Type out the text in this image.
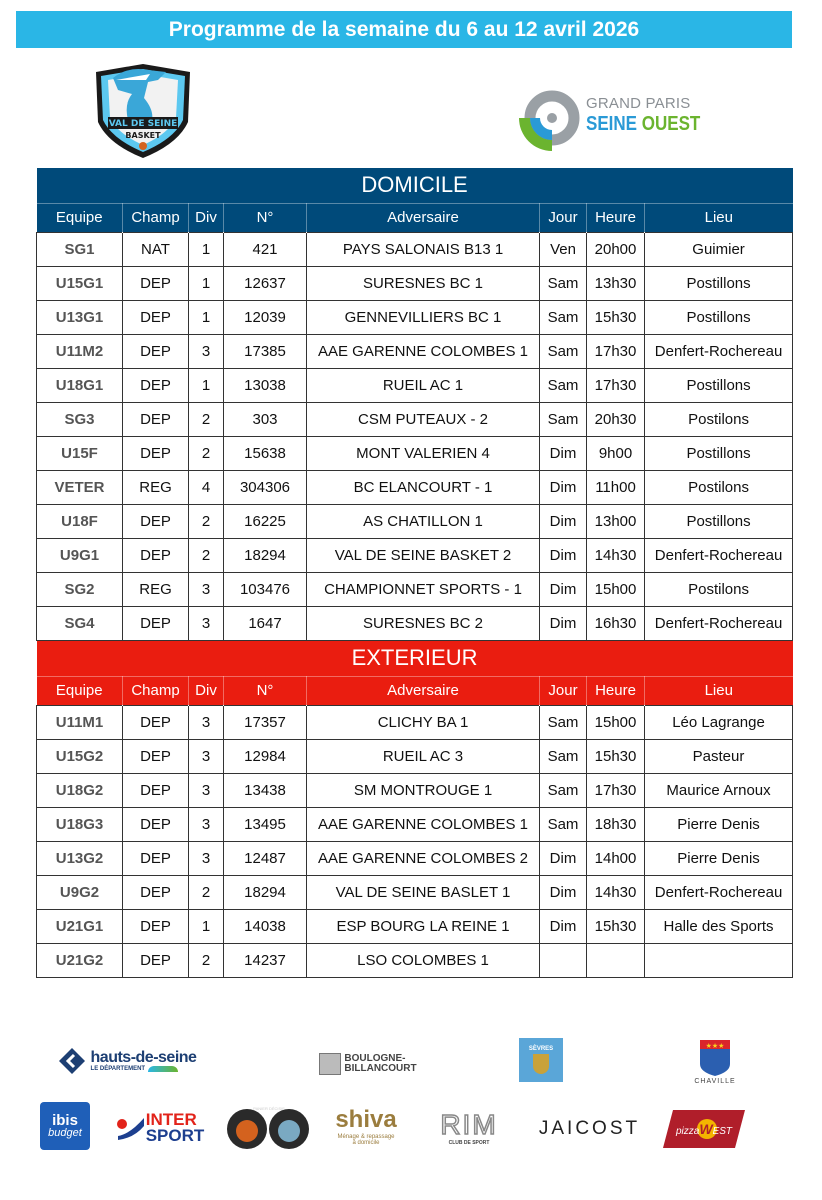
Programme de la semaine du 6 au 12 avril 2026
VAL DE SEINE
BASKET
GRAND PARIS
SEINE OUEST
DOMICILE							
Equipe	Champ	Div	N°	Adversaire	Jour	Heure	Lieu
SG1	NAT	1	421	PAYS SALONAIS B13 1	Ven	20h00	Guimier
U15G1	DEP	1	12637	SURESNES BC 1	Sam	13h30	Postillons
U13G1	DEP	1	12039	GENNEVILLIERS BC 1	Sam	15h30	Postillons
U11M2	DEP	3	17385	AAE GARENNE COLOMBES 1	Sam	17h30	Denfert-Rochereau
U18G1	DEP	1	13038	RUEIL AC 1	Sam	17h30	Postillons
SG3	DEP	2	303	CSM PUTEAUX - 2	Sam	20h30	Postilons
U15F	DEP	2	15638	MONT VALERIEN 4	Dim	9h00	Postillons
VETER	REG	4	304306	BC ELANCOURT - 1	Dim	11h00	Postilons
U18F	DEP	2	16225	AS CHATILLON 1	Dim	13h00	Postillons
U9G1	DEP	2	18294	VAL DE SEINE BASKET 2	Dim	14h30	Denfert-Rochereau
SG2	REG	3	103476	CHAMPIONNET SPORTS - 1	Dim	15h00	Postilons
SG4	DEP	3	1647	SURESNES BC 2	Dim	16h30	Denfert-Rochereau
EXTERIEUR							
Equipe	Champ	Div	N°	Adversaire	Jour	Heure	Lieu
U11M1	DEP	3	17357	CLICHY BA 1	Sam	15h00	Léo Lagrange
U15G2	DEP	3	12984	RUEIL AC 3	Sam	15h30	Pasteur
U18G2	DEP	3	13438	SM MONTROUGE 1	Sam	17h30	Maurice Arnoux
U18G3	DEP	3	13495	AAE GARENNE COLOMBES 1	Sam	18h30	Pierre Denis
U13G2	DEP	3	12487	AAE GARENNE COLOMBES 2	Dim	14h00	Pierre Denis
U9G2	DEP	2	18294	VAL DE SEINE BASLET 1	Dim	14h30	Denfert-Rochereau
U21G1	DEP	1	14038	ESP BOURG LA REINE 1	Dim	15h30	Halle des Sports
U21G2	DEP	2	14237	LSO COLOMBES 1			
hauts-de-seine
LE DÉPARTEMENT
BOULOGNE-
BILLANCOURT
SÈVRES	★★★
CHAVILLE
ibis
budget
INTER
SPORT
PANIER DÉCISIF	shiva
Ménage & repassage
à domicile
RIM
CLUB DE SPORT
JAICOST	pizzaWEST
